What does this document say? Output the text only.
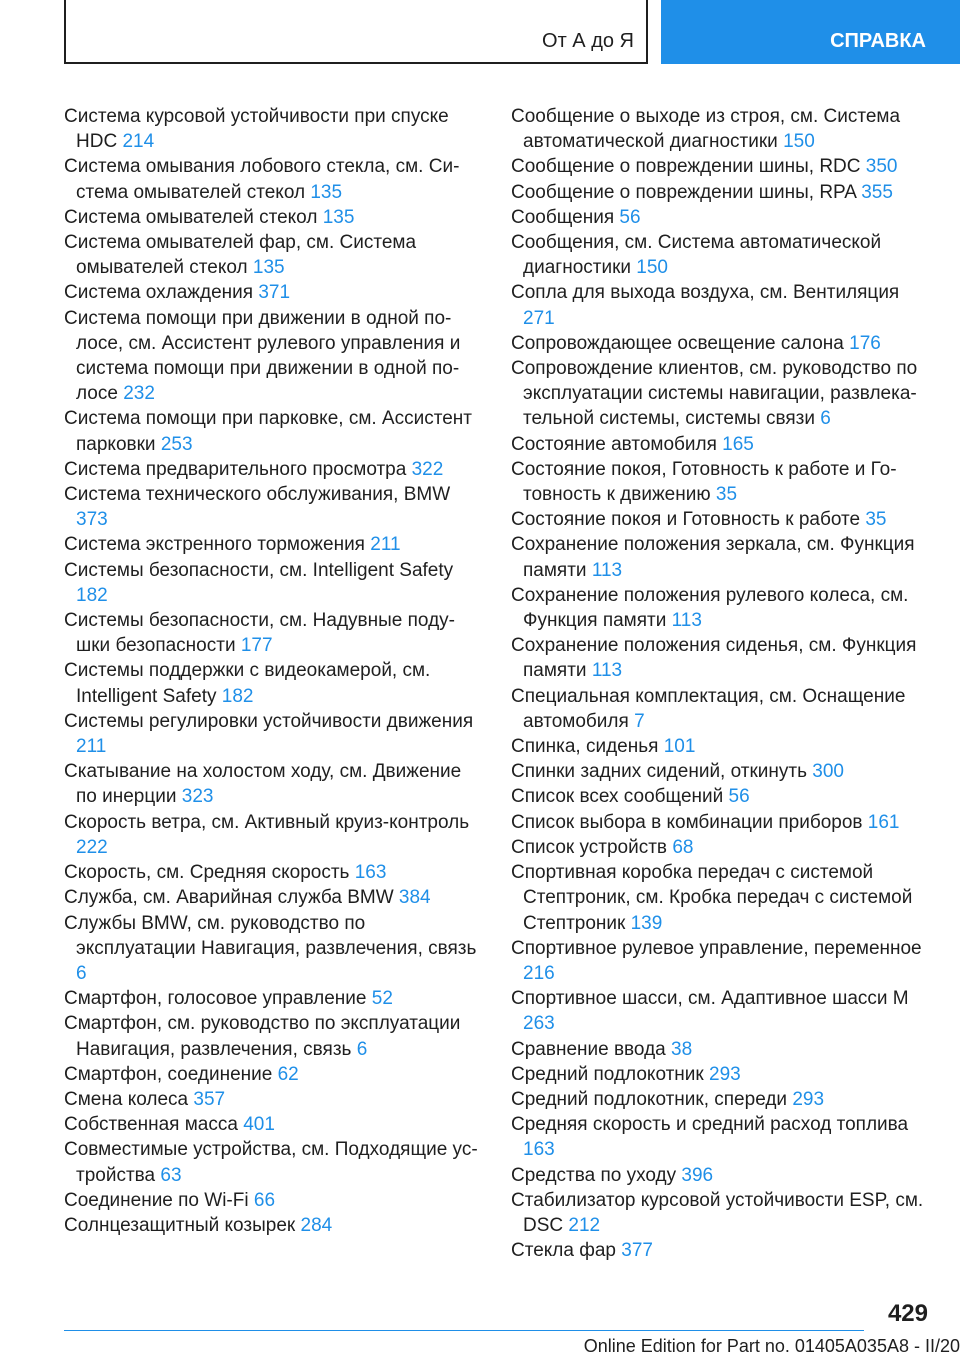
От А до Я	СПРАВКА
Система курсовой устойчивости при спуске HDC 214
Система омывания лобового стекла, см. Система омывателей стекол 135
Система омывателей стекол 135
Система омывателей фар, см. Система омывателей стекол 135
Система охлаждения 371
Система помощи при движении в одной полосе, см. Ассистент рулевого управления и система помощи при движении в одной полосе 232
Система помощи при парковке, см. Ассистент парковки 253
Система предварительного просмотра 322
Система технического обслуживания, BMW 373
Система экстренного торможения 211
Системы безопасности, см. Intelligent Safety 182
Системы безопасности, см. Надувные подушки безопасности 177
Системы поддержки с видеокамерой, см. Intelligent Safety 182
Системы регулировки устойчивости движения 211
Скатывание на холостом ходу, см. Движение по инерции 323
Скорость ветра, см. Активный круиз-контроль 222
Скорость, см. Средняя скорость 163
Служба, см. Аварийная служба BMW 384
Службы BMW, см. руководство по эксплуатации Навигация, развлечения, связь 6
Смартфон, голосовое управление 52
Смартфон, см. руководство по эксплуатации Навигация, развлечения, связь 6
Смартфон, соединение 62
Смена колеса 357
Собственная масса 401
Совместимые устройства, см. Подходящие устройства 63
Соединение по Wi-Fi 66
Солнцезащитный козырек 284
Сообщение о выходе из строя, см. Система автоматической диагностики 150
Сообщение о повреждении шины, RDC 350
Сообщение о повреждении шины, RPA 355
Сообщения 56
Сообщения, см. Система автоматической диагностики 150
Сопла для выхода воздуха, см. Вентиляция 271
Сопровождающее освещение салона 176
Сопровождение клиентов, см. руководство по эксплуатации системы навигации, развлекательной системы, системы связи 6
Состояние автомобиля 165
Состояние покоя, Готовность к работе и Готовность к движению 35
Состояние покоя и Готовность к работе 35
Сохранение положения зеркала, см. Функция памяти 113
Сохранение положения рулевого колеса, см. Функция памяти 113
Сохранение положения сиденья, см. Функция памяти 113
Специальная комплектация, см. Оснащение автомобиля 7
Спинка, сиденья 101
Спинки задних сидений, откинуть 300
Список всех сообщений 56
Список выбора в комбинации приборов 161
Список устройств 68
Спортивная коробка передач с системой Стептроник, см. Кробка передач с системой Стептроник 139
Спортивное рулевое управление, переменное 216
Спортивное шасси, см. Адаптивное шасси M 263
Сравнение ввода 38
Средний подлокотник 293
Средний подлокотник, спереди 293
Средняя скорость и средний расход топлива 163
Средства по уходу 396
Стабилизатор курсовой устойчивости ESP, см. DSC 212
Стекла фар 377
429
Online Edition for Part no. 01405A035A8 - II/20
